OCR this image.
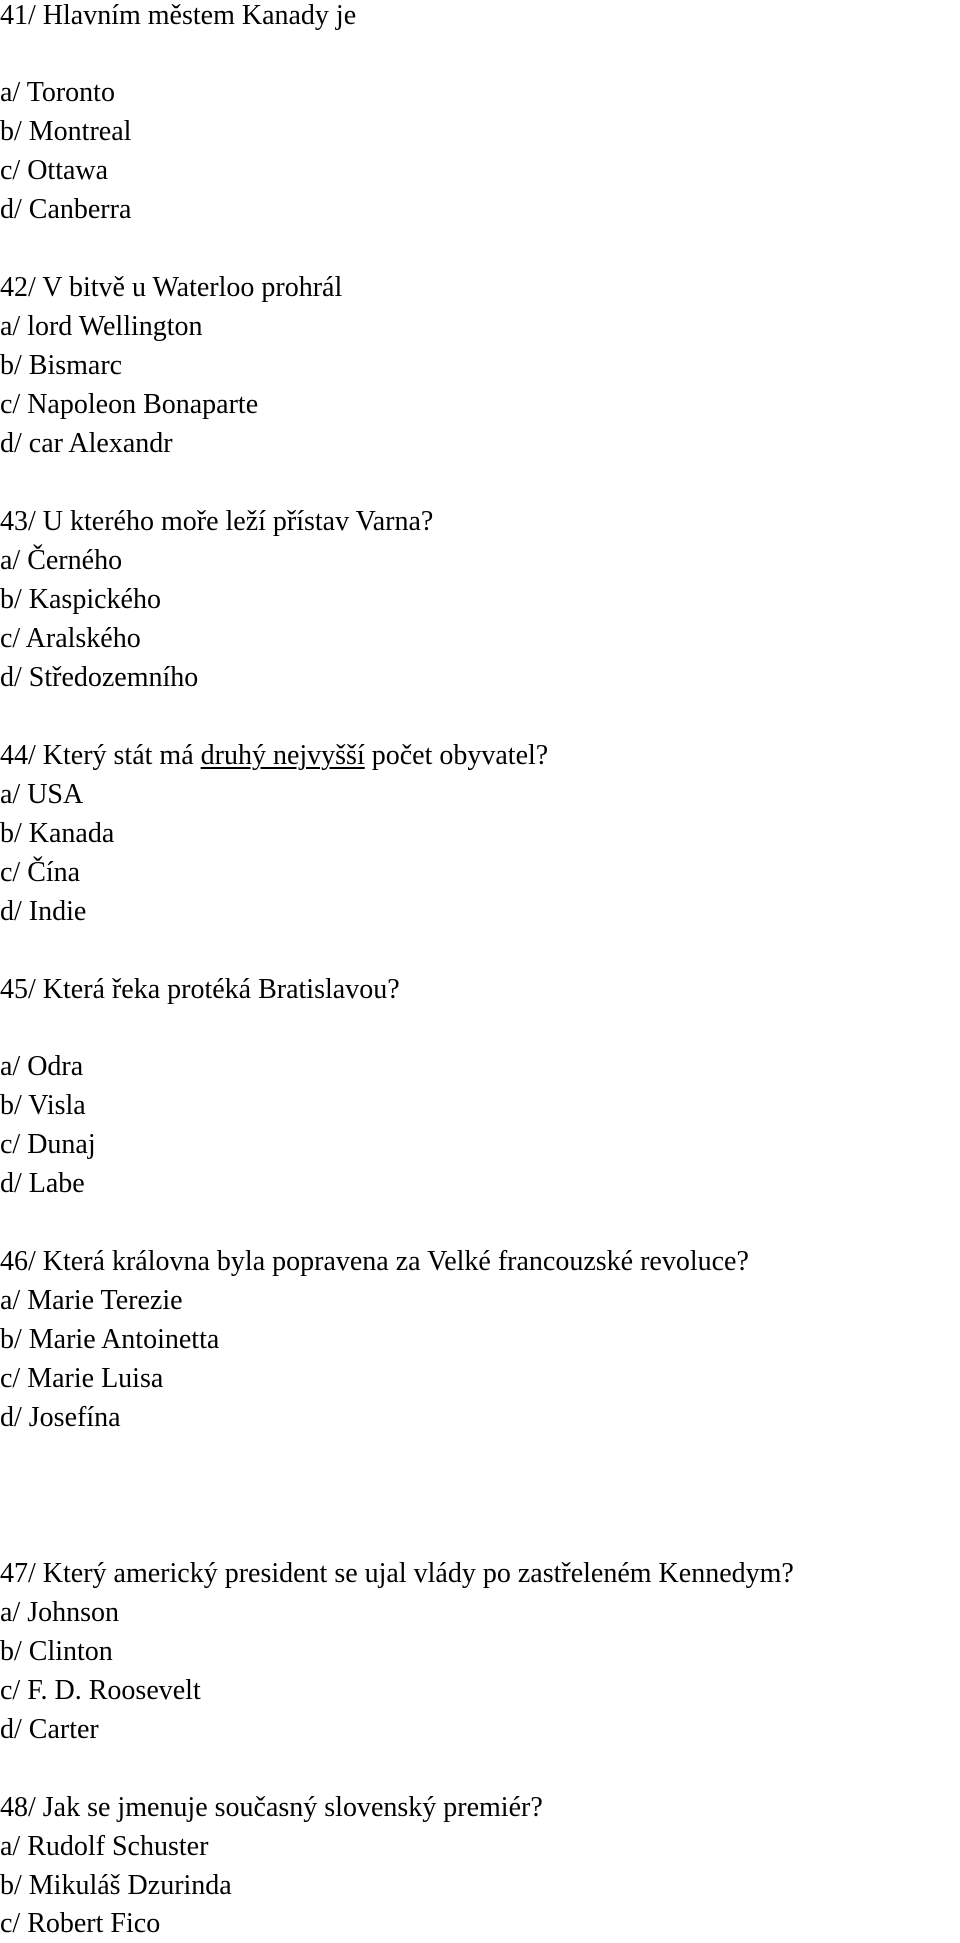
41/ Hlavním městem Kanady je
a/ Toronto
b/ Montreal
c/ Ottawa
d/ Canberra
42/ V bitvě u Waterloo prohrál
a/ lord Wellington
b/ Bismarc
c/ Napoleon Bonaparte
d/ car Alexandr
43/ U kterého moře leží přístav Varna?
a/ Černého
b/ Kaspického
c/ Aralského
d/ Středozemního
44/ Který stát má druhý nejvyšší počet obyvatel?
a/ USA
b/ Kanada
c/ Čína
d/ Indie
45/ Která řeka protéká Bratislavou?
a/ Odra
b/ Visla
c/ Dunaj
d/ Labe
46/ Která královna byla popravena za Velké francouzské revoluce?
a/ Marie Terezie
b/ Marie Antoinetta
c/ Marie Luisa
d/ Josefína
47/ Který americký president se ujal vlády po zastřeleném Kennedym?
a/ Johnson
b/ Clinton
c/ F. D. Roosevelt
d/ Carter
48/ Jak se jmenuje současný slovenský premiér?
a/ Rudolf Schuster
b/ Mikuláš Dzurinda
c/ Robert Fico
